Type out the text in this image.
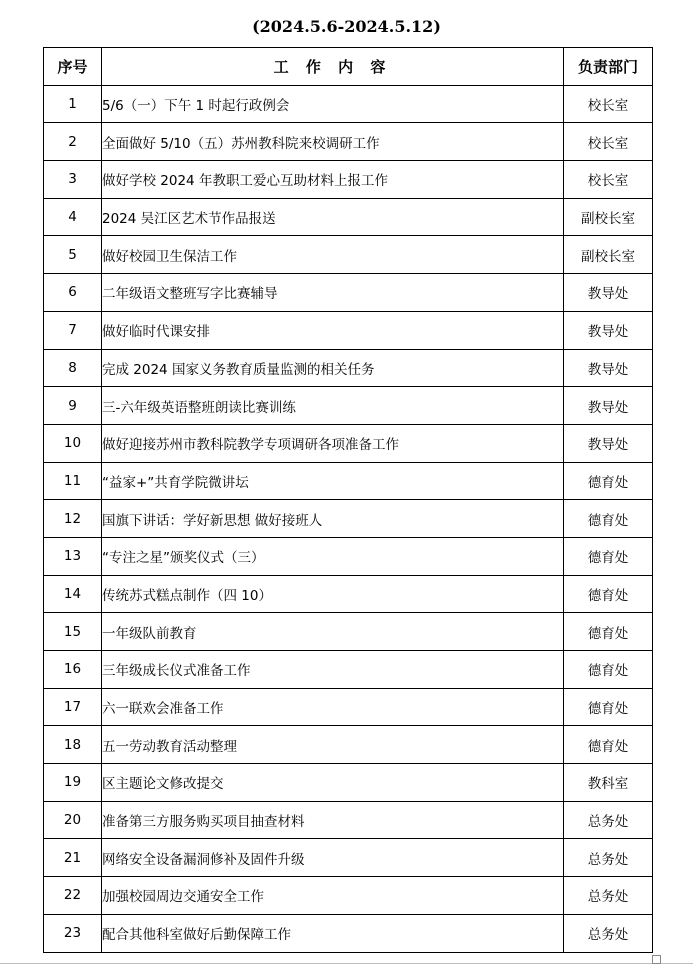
(2024.5.6-2024.5.12)
序号	工 作 内 容	负责部门
1	5/6（一）下午 1 时起行政例会	校长室
2	全面做好 5/10（五）苏州教科院来校调研工作	校长室
3	做好学校 2024 年教职工爱心互助材料上报工作	校长室
4	2024 吴江区艺术节作品报送	副校长室
5	做好校园卫生保洁工作	副校长室
6	二年级语文整班写字比赛辅导	教导处
7	做好临时代课安排	教导处
8	完成 2024 国家义务教育质量监测的相关任务	教导处
9	三-六年级英语整班朗读比赛训练	教导处
10	做好迎接苏州市教科院教学专项调研各项准备工作	教导处
11	“益家+”共育学院微讲坛	德育处
12	国旗下讲话：学好新思想 做好接班人	德育处
13	“专注之星”颁奖仪式（三）	德育处
14	传统苏式糕点制作（四 10）	德育处
15	一年级队前教育	德育处
16	三年级成长仪式准备工作	德育处
17	六一联欢会准备工作	德育处
18	五一劳动教育活动整理	德育处
19	区主题论文修改提交	教科室
20	准备第三方服务购买项目抽查材料	总务处
21	网络安全设备漏洞修补及固件升级	总务处
22	加强校园周边交通安全工作	总务处
23	配合其他科室做好后勤保障工作	总务处
